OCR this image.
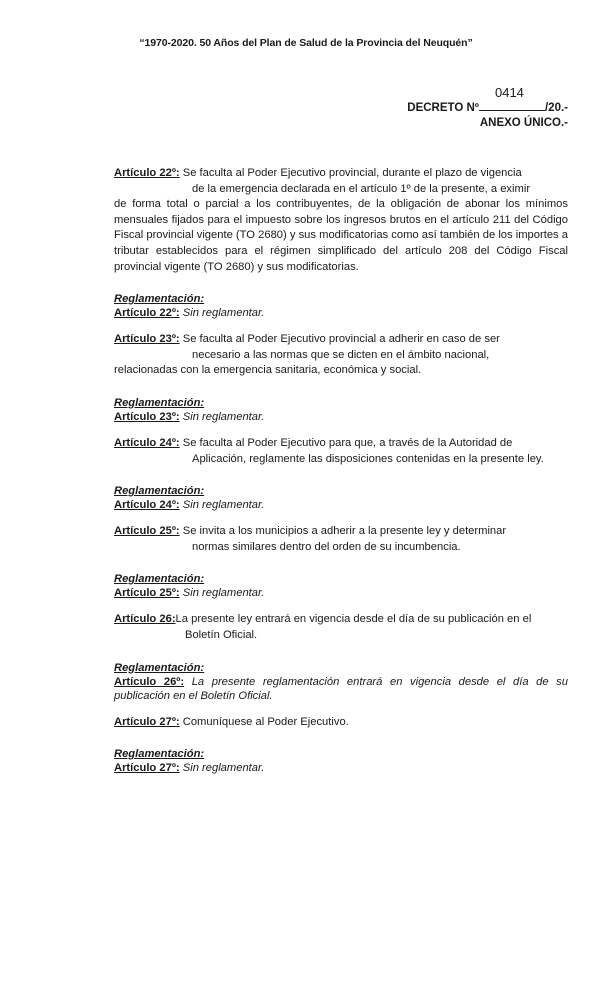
“1970-2020. 50 Años del Plan de Salud de la Provincia del Neuquén”
DECRETO Nº
0414
/20.-
ANEXO ÚNICO.-
Artículo 22º: Se faculta al Poder Ejecutivo provincial, durante el plazo de vigencia
de la emergencia declarada en el artículo 1º de la presente, a eximir
de forma total o parcial a los contribuyentes, de la obligación de abonar los mínimos mensuales fijados para el impuesto sobre los ingresos brutos en el artículo 211 del Código Fiscal provincial vigente (TO 2680) y sus modificatorias como así también de los importes a tributar establecidos para el régimen simplificado del artículo 208 del Código Fiscal provincial vigente (TO 2680) y sus modificatorias.
Reglamentación:
Artículo 22º: Sin reglamentar.
Artículo 23º: Se faculta al Poder Ejecutivo provincial a adherir en caso de ser
necesario a las normas que se dicten en el ámbito nacional,
relacionadas con la emergencia sanitaria, económica y social.
Reglamentación:
Artículo 23º: Sin reglamentar.
Artículo 24º: Se faculta al Poder Ejecutivo para que, a través de la Autoridad de
Aplicación, reglamente las disposiciones contenidas en la presente ley.
Reglamentación:
Artículo 24º: Sin reglamentar.
Artículo 25º: Se invita a los municipios a adherir a la presente ley y determinar
normas similares dentro del orden de su incumbencia.
Reglamentación:
Artículo 25º: Sin reglamentar.
Artículo 26:La presente ley entrará en vigencia desde el día de su publicación en el
Boletín Oficial.
Reglamentación:
Artículo 26º: La presente reglamentación entrará en vigencia desde el día de su publicación en el Boletín Oficial.
Artículo 27º: Comuníquese al Poder Ejecutivo.
Reglamentación:
Artículo 27º: Sin reglamentar.
